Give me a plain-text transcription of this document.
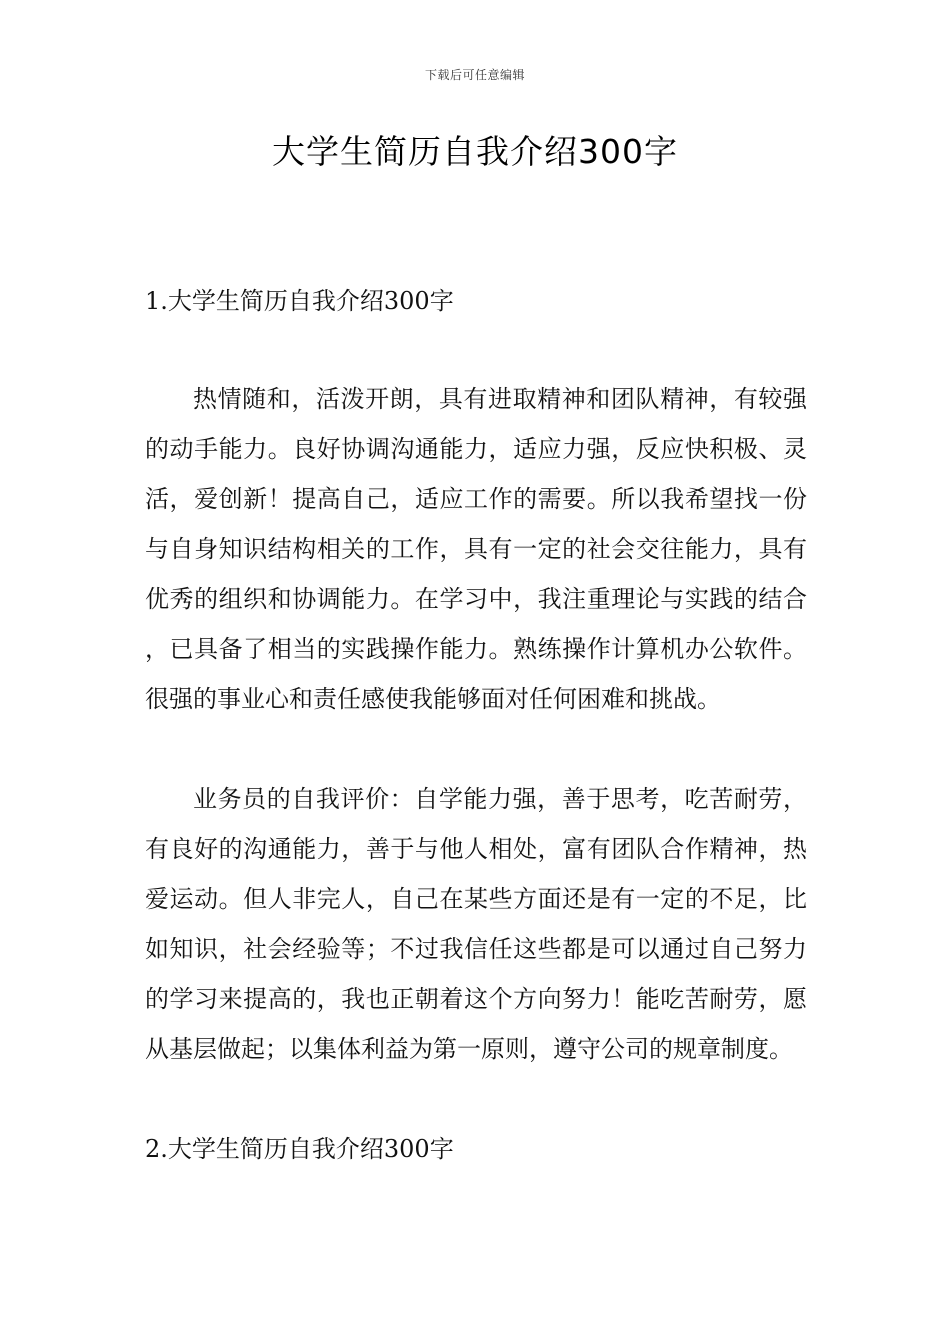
下载后可任意编辑
大学生简历自我介绍300字
1.大学生简历自我介绍300字

热情随和，活泼开朗，具有进取精神和团队精神，有较强的动手能力。良好协调沟通能力，适应力强，反应快积极、灵活，爱创新！提高自己，适应工作的需要。所以我希望找一份与自身知识结构相关的工作，具有一定的社会交往能力，具有优秀的组织和协调能力。在学习中，我注重理论与实践的结合，已具备了相当的实践操作能力。熟练操作计算机办公软件。很强的事业心和责任感使我能够面对任何困难和挑战。

业务员的自我评价：自学能力强，善于思考，吃苦耐劳，有良好的沟通能力，善于与他人相处，富有团队合作精神，热爱运动。但人非完人，自己在某些方面还是有一定的不足，比如知识，社会经验等；不过我信任这些都是可以通过自己努力的学习来提高的，我也正朝着这个方向努力！能吃苦耐劳，愿从基层做起；以集体利益为第一原则，遵守公司的规章制度。

2.大学生简历自我介绍300字
